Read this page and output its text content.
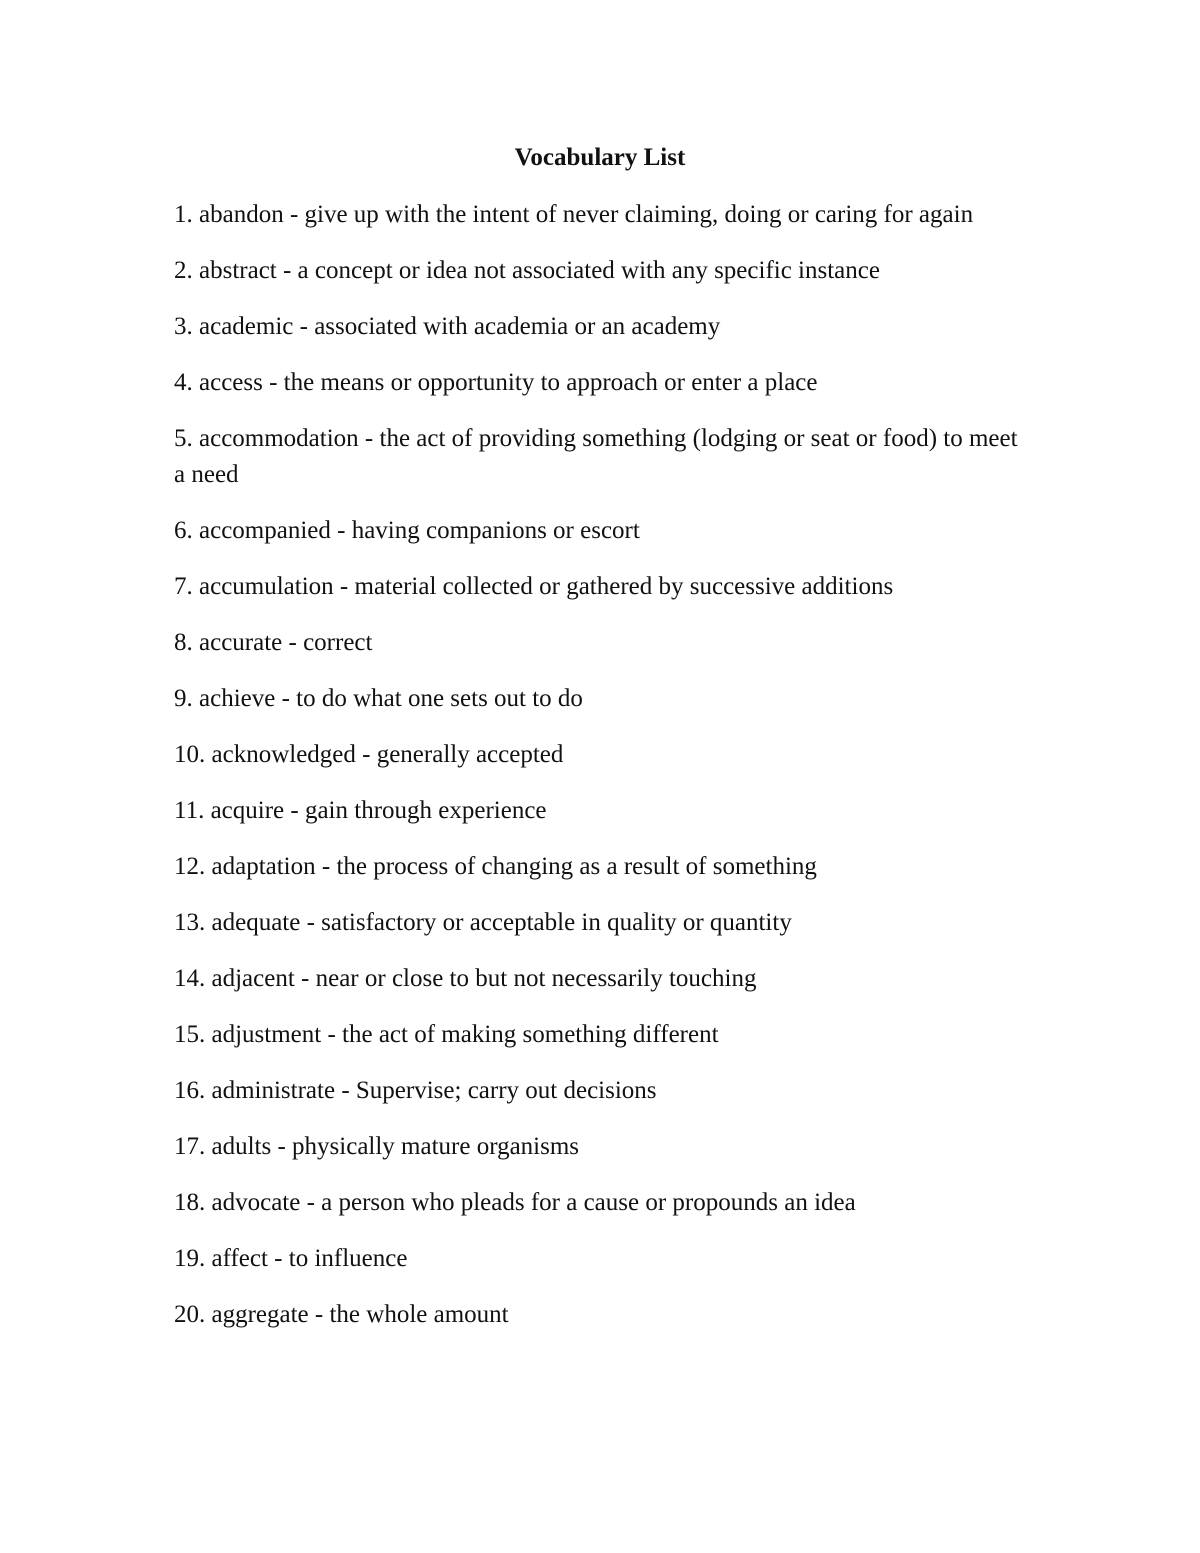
Vocabulary List
1. abandon - give up with the intent of never claiming, doing or caring for again
2. abstract - a concept or idea not associated with any specific instance
3. academic - associated with academia or an academy
4. access - the means or opportunity to approach or enter a place
5. accommodation - the act of providing something (lodging or seat or food) to meet a need
6. accompanied - having companions or escort
7. accumulation - material collected or gathered by successive additions
8. accurate - correct
9. achieve - to do what one sets out to do
10. acknowledged - generally accepted
11. acquire - gain through experience
12. adaptation - the process of changing as a result of something
13. adequate - satisfactory or acceptable in quality or quantity
14. adjacent - near or close to but not necessarily touching
15. adjustment - the act of making something different
16. administrate - Supervise; carry out decisions
17. adults - physically mature organisms
18. advocate - a person who pleads for a cause or propounds an idea
19. affect - to influence
20. aggregate - the whole amount
